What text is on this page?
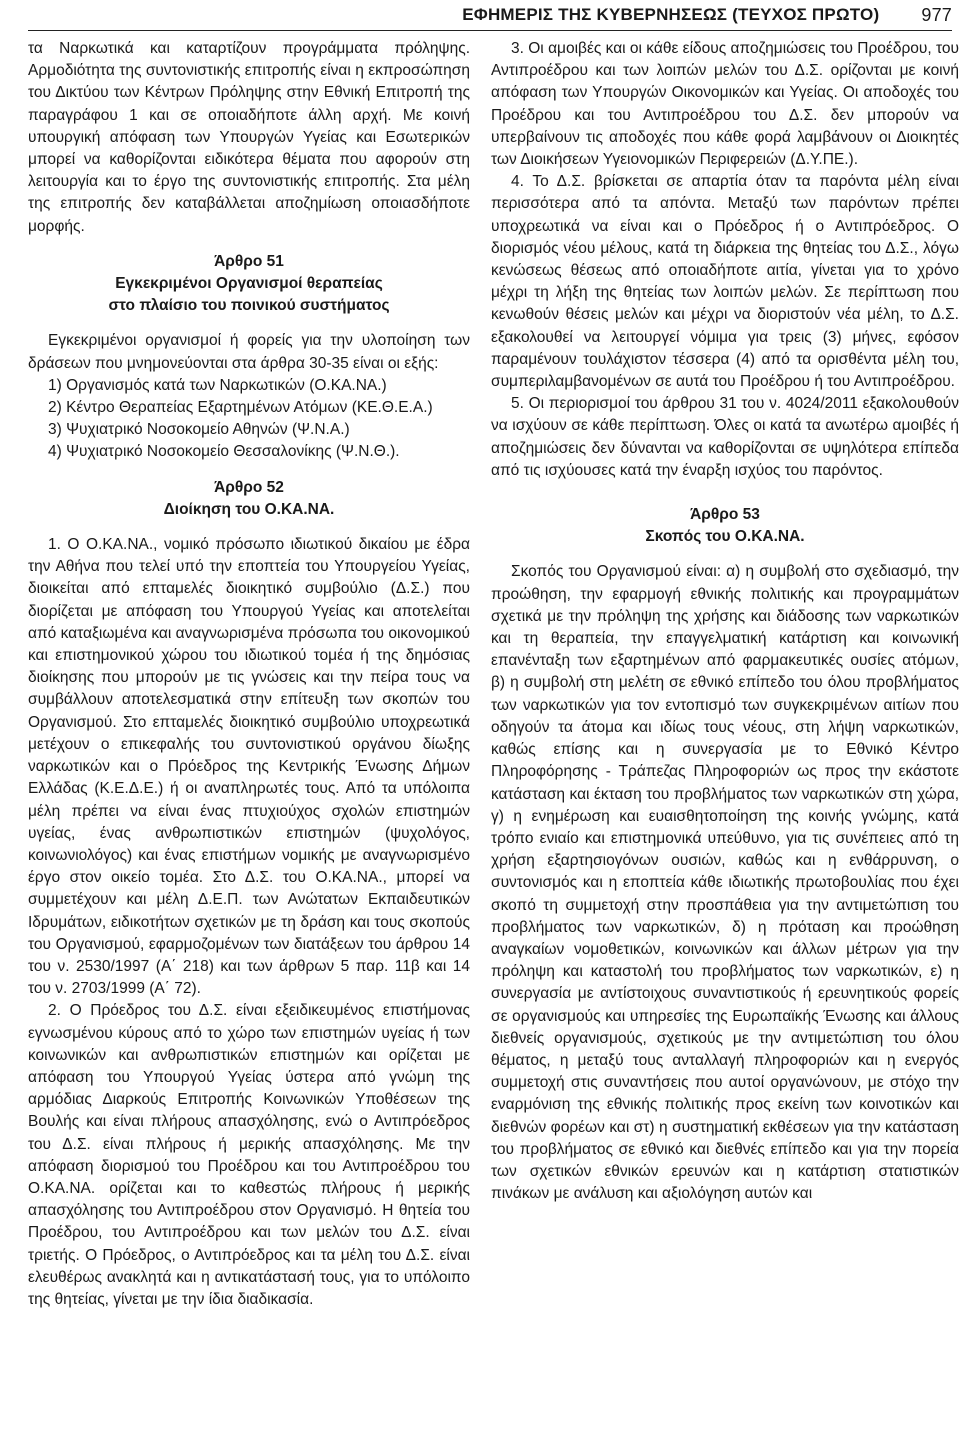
ΕΦΗΜΕΡΙΣ ΤΗΣ ΚΥΒΕΡΝΗΣΕΩΣ (ΤΕΥΧΟΣ ΠΡΩΤΟ) 977

τα Ναρκωτικά και καταρτίζουν προγράμματα πρόληψης. Αρμοδιότητα της συντονιστικής επιτροπής είναι η εκπροσώπηση του Δικτύου των Κέντρων Πρόληψης στην Εθνική Επιτροπή της παραγράφου 1 και σε οποιαδήποτε άλλη αρχή. Με κοινή υπουργική απόφαση των Υπουργών Υγείας και Εσωτερικών μπορεί να καθορίζονται ειδικότερα θέματα που αφορούν στη λειτουργία και το έργο της συντονιστικής επιτροπής. Στα μέλη της επιτροπής δεν καταβάλλεται αποζημίωση οποιασδήποτε μορφής.

Άρθρο 51
Εγκεκριμένοι Οργανισμοί θεραπείας
στο πλαίσιο του ποινικού συστήματος

Εγκεκριμένοι οργανισμοί ή φορείς για την υλοποίηση των δράσεων που μνημονεύονται στα άρθρα 30-35 είναι οι εξής:

1) Οργανισμός κατά των Ναρκωτικών (Ο.ΚΑ.ΝΑ.)

2) Κέντρο Θεραπείας Εξαρτημένων Ατόμων (ΚΕ.Θ.Ε.Α.)

3) Ψυχιατρικό Νοσοκομείο Αθηνών (Ψ.Ν.Α.)

4) Ψυχιατρικό Νοσοκομείο Θεσσαλονίκης (Ψ.Ν.Θ.).

Άρθρο 52
Διοίκηση του Ο.ΚΑ.ΝΑ.

1. Ο Ο.ΚΑ.ΝΑ., νομικό πρόσωπο ιδιωτικού δικαίου με έδρα την Αθήνα που τελεί υπό την εποπτεία του Υπουργείου Υγείας, διοικείται από επταμελές διοικητικό συμβούλιο (Δ.Σ.) που διορίζεται με απόφαση του Υπουργού Υγείας και αποτελείται από καταξιωμένα και αναγνωρισμένα πρόσωπα του οικονομικού και επιστημονικού χώρου του ιδιωτικού τομέα ή της δημόσιας διοίκησης που μπορούν με τις γνώσεις και την πείρα τους να συμβάλλουν αποτελεσματικά στην επίτευξη των σκοπών του Οργανισμού. Στο επταμελές διοικητικό συμβούλιο υποχρεωτικά μετέχουν ο επικεφαλής του συντονιστικού οργάνου δίωξης ναρκωτικών και ο Πρόεδρος της Κεντρικής Ένωσης Δήμων Ελλάδας (Κ.Ε.Δ.Ε.) ή οι αναπληρωτές τους. Από τα υπόλοιπα μέλη πρέπει να είναι ένας πτυχιούχος σχολών επιστημών υγείας, ένας ανθρωπιστικών επιστημών (ψυχολόγος, κοινωνιολόγος) και ένας επιστήμων νομικής με αναγνωρισμένο έργο στον οικείο τομέα. Στο Δ.Σ. του Ο.ΚΑ.ΝΑ., μπορεί να συμμετέχουν και μέλη Δ.Ε.Π. των Ανώτατων Εκπαιδευτικών Ιδρυμάτων, ειδικοτήτων σχετικών με τη δράση και τους σκοπούς του Οργανισμού, εφαρμοζομένων των διατάξεων του άρθρου 14 του ν. 2530/1997 (Α΄ 218) και των άρθρων 5 παρ. 11β και 14 του ν. 2703/1999 (Α΄ 72).

2. Ο Πρόεδρος του Δ.Σ. είναι εξειδικευμένος επιστήμονας εγνωσμένου κύρους από το χώρο των επιστημών υγείας ή των κοινωνικών και ανθρωπιστικών επιστημών και ορίζεται με απόφαση του Υπουργού Υγείας ύστερα από γνώμη της αρμόδιας Διαρκούς Επιτροπής Κοινωνικών Υποθέσεων της Βουλής και είναι πλήρους απασχόλησης, ενώ ο Αντιπρόεδρος του Δ.Σ. είναι πλήρους ή μερικής απασχόλησης. Με την απόφαση διορισμού του Προέδρου και του Αντιπροέδρου του Ο.ΚΑ.ΝΑ. ορίζεται και το καθεστώς πλήρους ή μερικής απασχόλησης του Αντιπροέδρου στον Οργανισμό. Η θητεία του Προέδρου, του Αντιπροέδρου και των μελών του Δ.Σ. είναι τριετής. Ο Πρόεδρος, ο Αντιπρόεδρος και τα μέλη του Δ.Σ. είναι ελευθέρως ανακλητά και η αντικατάστασή τους, για το υπόλοιπο της θητείας, γίνεται με την ίδια διαδικασία.

3. Οι αμοιβές και οι κάθε είδους αποζημιώσεις του Προέδρου, του Αντιπροέδρου και των λοιπών μελών του Δ.Σ. ορίζονται με κοινή απόφαση των Υπουργών Οικονομικών και Υγείας. Οι αποδοχές του Προέδρου και του Αντιπροέδρου του Δ.Σ. δεν μπορούν να υπερβαίνουν τις αποδοχές που κάθε φορά λαμβάνουν οι Διοικητές των Διοικήσεων Υγειονομικών Περιφερειών (Δ.Υ.ΠΕ.).

4. Το Δ.Σ. βρίσκεται σε απαρτία όταν τα παρόντα μέλη είναι περισσότερα από τα απόντα. Μεταξύ των παρόντων πρέπει υποχρεωτικά να είναι και ο Πρόεδρος ή ο Αντιπρόεδρος. Ο διορισμός νέου μέλους, κατά τη διάρκεια της θητείας του Δ.Σ., λόγω κενώσεως θέσεως από οποιαδήποτε αιτία, γίνεται για το χρόνο μέχρι τη λήξη της θητείας των λοιπών μελών. Σε περίπτωση που κενωθούν θέσεις μελών και μέχρι να διοριστούν νέα μέλη, το Δ.Σ. εξακολουθεί να λειτουργεί νόμιμα για τρεις (3) μήνες, εφόσον παραμένουν τουλάχιστον τέσσερα (4) από τα ορισθέντα μέλη του, συμπεριλαμβανομένων σε αυτά του Προέδρου ή του Αντιπροέδρου.

5. Οι περιορισμοί του άρθρου 31 του ν. 4024/2011 εξακολουθούν να ισχύουν σε κάθε περίπτωση. Όλες οι κατά τα ανωτέρω αμοιβές ή αποζημιώσεις δεν δύνανται να καθορίζονται σε υψηλότερα επίπεδα από τις ισχύουσες κατά την έναρξη ισχύος του παρόντος.

Άρθρο 53
Σκοπός του Ο.ΚΑ.ΝΑ.

Σκοπός του Οργανισμού είναι: α) η συμβολή στο σχεδιασμό, την προώθηση, την εφαρμογή εθνικής πολιτικής και προγραμμάτων σχετικά με την πρόληψη της χρήσης και διάδοσης των ναρκωτικών και τη θεραπεία, την επαγγελματική κατάρτιση και κοινωνική επανένταξη των εξαρτημένων από φαρμακευτικές ουσίες ατόμων, β) η συμβολή στη μελέτη σε εθνικό επίπεδο του όλου προβλήματος των ναρκωτικών για τον εντοπισμό των συγκεκριμένων αιτίων που οδηγούν τα άτομα και ιδίως τους νέους, στη λήψη ναρκωτικών, καθώς επίσης και η συνεργασία με το Εθνικό Κέντρο Πληροφόρησης - Τράπεζας Πληροφοριών ως προς την εκάστοτε κατάσταση και έκταση του προβλήματος των ναρκωτικών στη χώρα, γ) η ενημέρωση και ευαισθητοποίηση της κοινής γνώμης, κατά τρόπο ενιαίο και επιστημονικά υπεύθυνο, για τις συνέπειες από τη χρήση εξαρτησιογόνων ουσιών, καθώς και η ενθάρρυνση, ο συντονισμός και η εποπτεία κάθε ιδιωτικής πρωτοβουλίας που έχει σκοπό τη συμμετοχή στην προσπάθεια για την αντιμετώπιση του προβλήματος των ναρκωτικών, δ) η πρόταση και προώθηση αναγκαίων νομοθετικών, κοινωνικών και άλλων μέτρων για την πρόληψη και καταστολή του προβλήματος των ναρκωτικών, ε) η συνεργασία με αντίστοιχους συναντιστικούς ή ερευνητικούς φορείς σε οργανισμούς και υπηρεσίες της Ευρωπαϊκής Ένωσης και άλλους διεθνείς οργανισμούς, σχετικούς με την αντιμετώπιση του όλου θέματος, η μεταξύ τους ανταλλαγή πληροφοριών και η ενεργός συμμετοχή στις συναντήσεις που αυτοί οργανώνουν, με στόχο την εναρμόνιση της εθνικής πολιτικής προς εκείνη των κοινοτικών και διεθνών φορέων και στ) η συστηματική εκθέσεων για την κατάσταση του προβλήματος σε εθνικό και διεθνές επίπεδο και για την πορεία των σχετικών εθνικών ερευνών και η κατάρτιση στατιστικών πινάκων με ανάλυση και αξιολόγηση αυτών και
